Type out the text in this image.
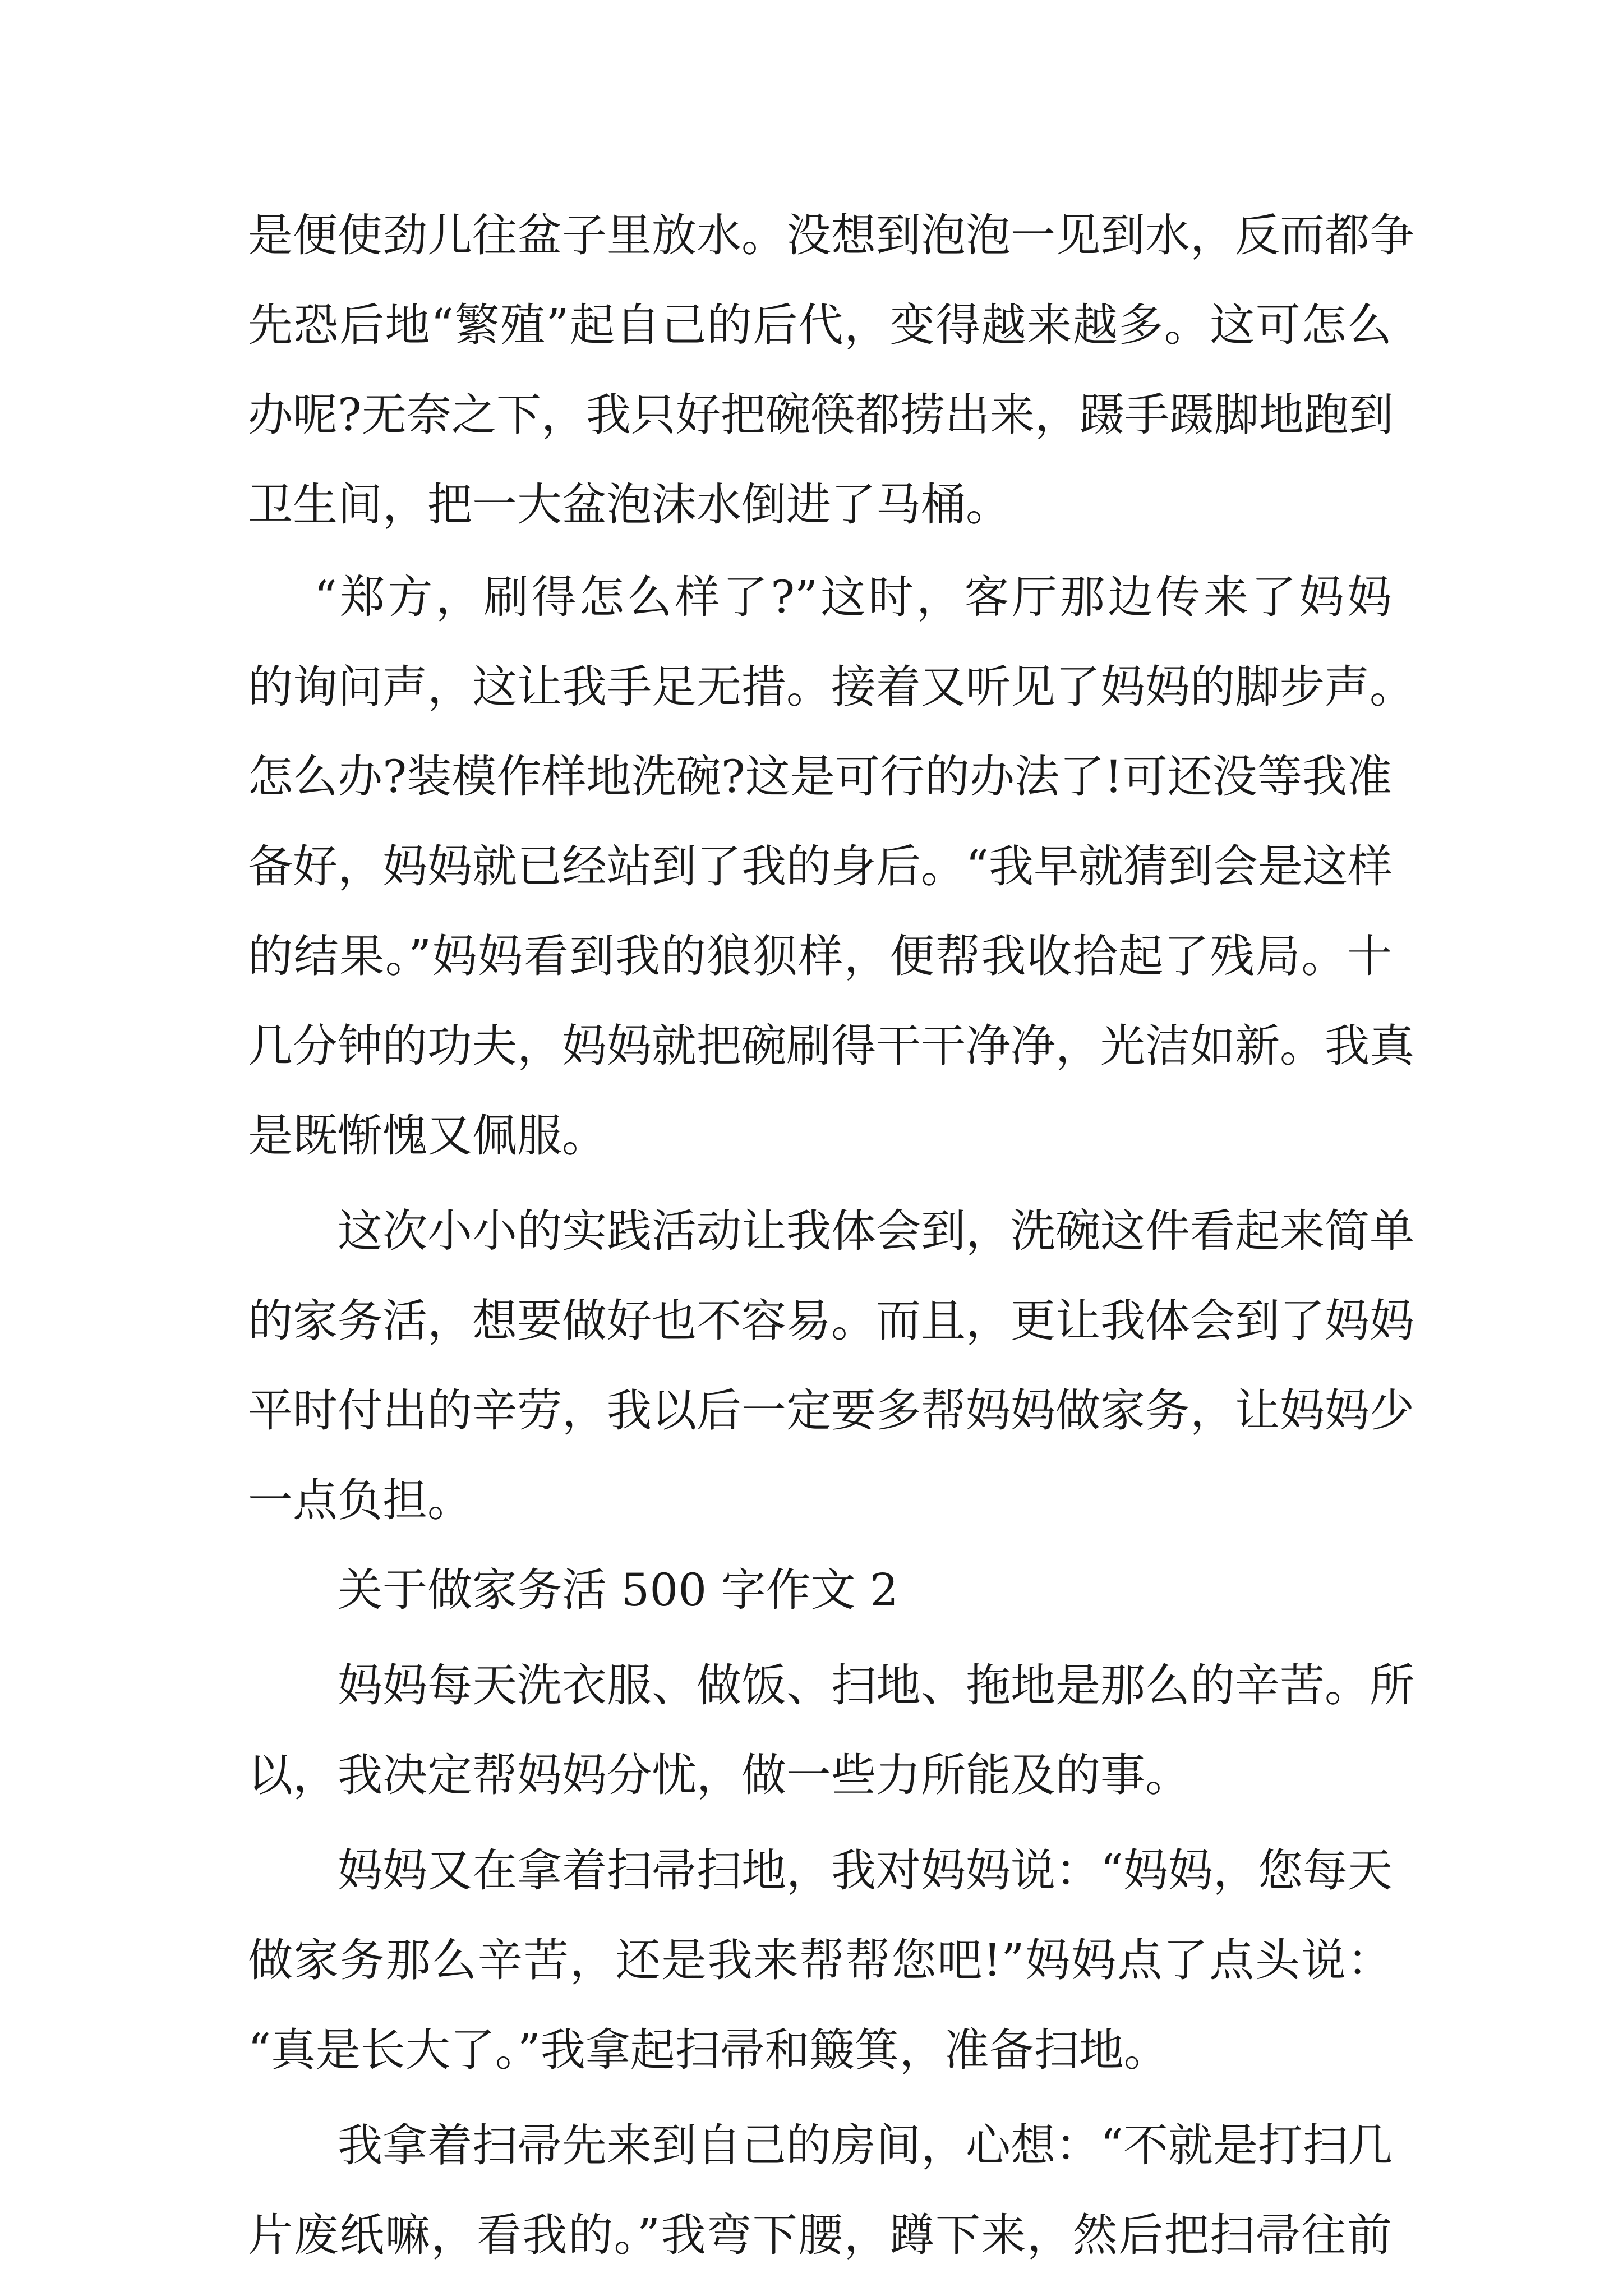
是便使劲儿往盆子里放水。没想到泡泡一见到水，反而都争
先恐后地“繁殖”起自己的后代，变得越来越多。这可怎么
办呢?无奈之下，我只好把碗筷都捞出来，蹑手蹑脚地跑到
卫生间，把一大盆泡沫水倒进了马桶。
“郑方，刷得怎么样了?”这时，客厅那边传来了妈妈
的询问声，这让我手足无措。接着又听见了妈妈的脚步声。
怎么办?装模作样地洗碗?这是可行的办法了!可还没等我准
备好，妈妈就已经站到了我的身后。“我早就猜到会是这样
的结果。”妈妈看到我的狼狈样，便帮我收拾起了残局。十
几分钟的功夫，妈妈就把碗刷得干干净净，光洁如新。我真
是既惭愧又佩服。
这次小小的实践活动让我体会到，洗碗这件看起来简单
的家务活，想要做好也不容易。而且，更让我体会到了妈妈
平时付出的辛劳，我以后一定要多帮妈妈做家务，让妈妈少
一点负担。
关于做家务活 500 字作文 2
妈妈每天洗衣服、做饭、扫地、拖地是那么的辛苦。所
以，我决定帮妈妈分忧，做一些力所能及的事。
妈妈又在拿着扫帚扫地，我对妈妈说：“妈妈，您每天
做家务那么辛苦，还是我来帮帮您吧!”妈妈点了点头说：
“真是长大了。”我拿起扫帚和簸箕，准备扫地。
我拿着扫帚先来到自己的房间，心想：“不就是打扫几
片废纸嘛，看我的。”我弯下腰，蹲下来，然后把扫帚往前
